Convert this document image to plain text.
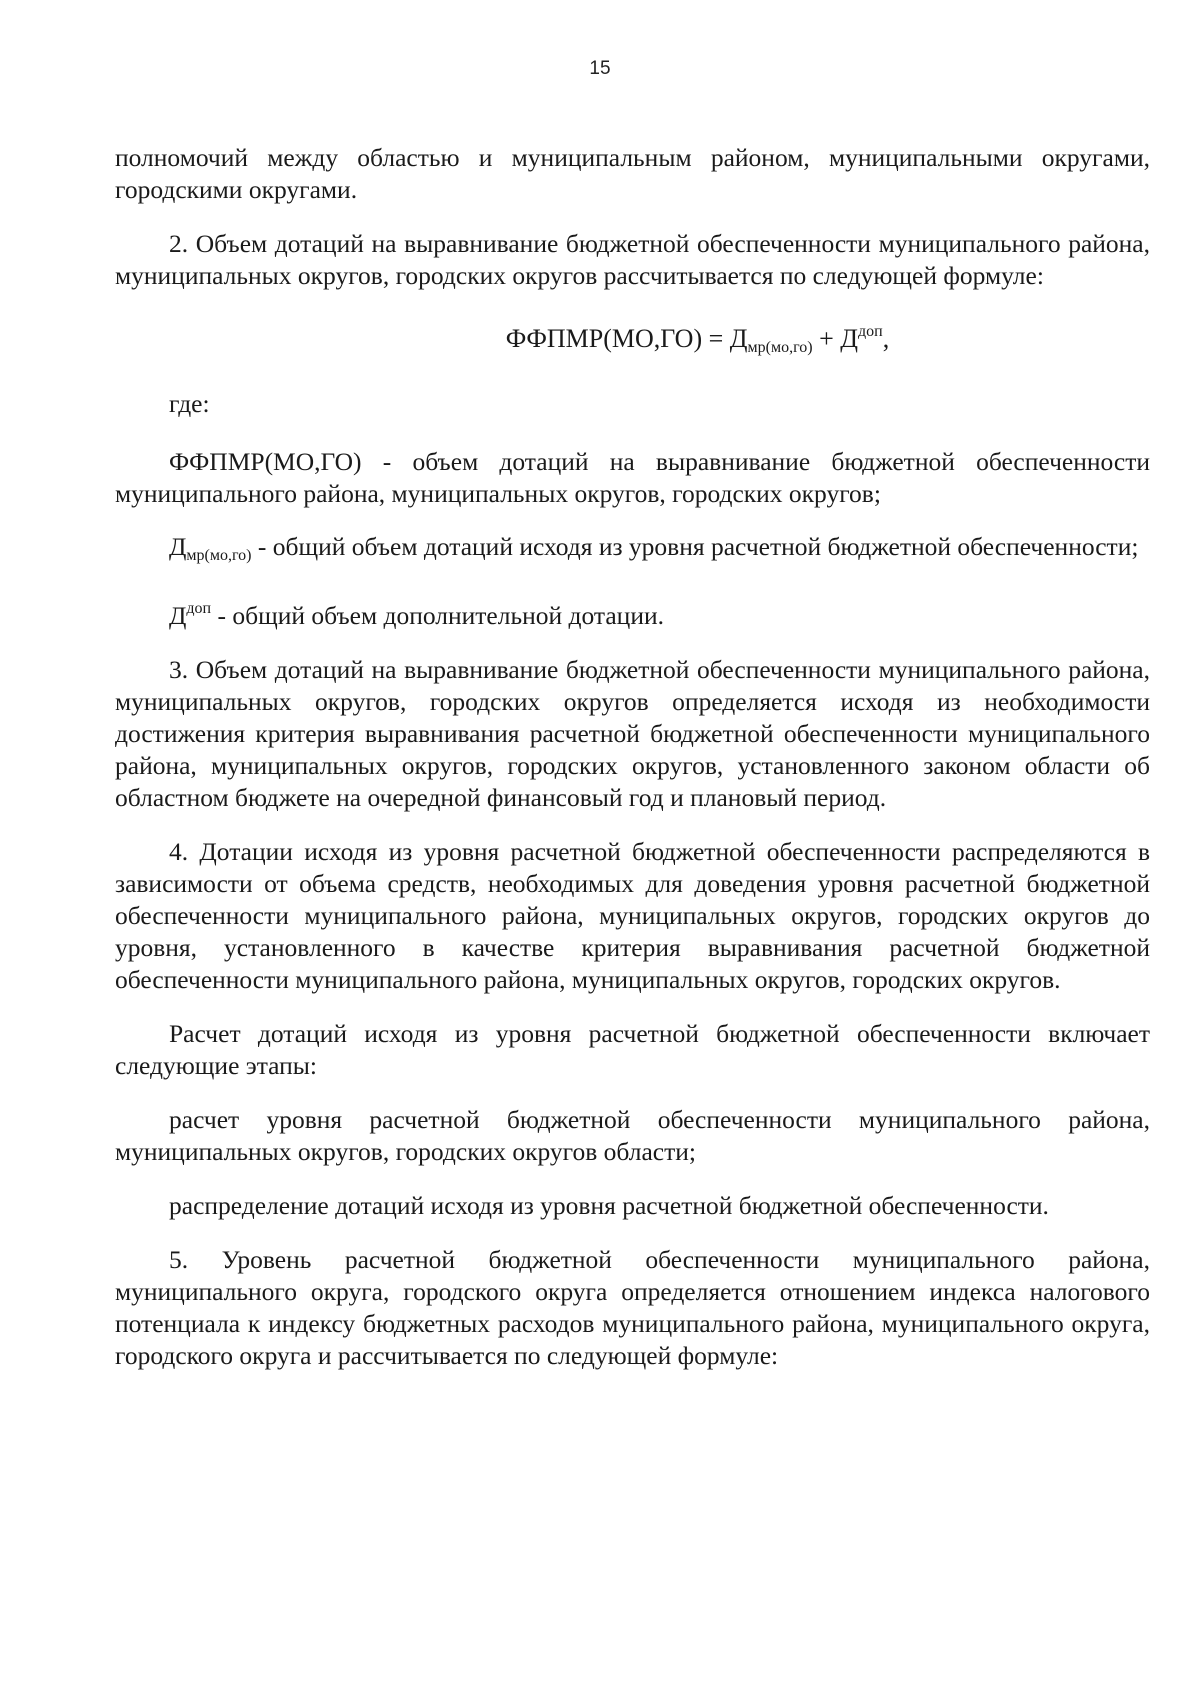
15

полномочий между областью и муниципальным районом, муниципальными округами, городскими округами.

2. Объем дотаций на выравнивание бюджетной обеспеченности муниципального района, муниципальных округов, городских округов рассчитывается по следующей формуле:

ФФПМР(МО,ГО) = $Д_{мр(мо,го)} + Д^{доп}$,

где:

ФФПМР(МО,ГО) - объем дотаций на выравнивание бюджетной обеспеченности муниципального района, муниципальных округов, городских округов;

$Д_{мр(мо,го)}$ - общий объем дотаций исходя из уровня расчетной бюджетной обеспеченности;

$Д^{доп}$ - общий объем дополнительной дотации.

3. Объем дотаций на выравнивание бюджетной обеспеченности муниципального района, муниципальных округов, городских округов определяется исходя из необходимости достижения критерия выравнивания расчетной бюджетной обеспеченности муниципального района, муниципальных округов, городских округов, установленного законом области об областном бюджете на очередной финансовый год и плановый период.

4. Дотации исходя из уровня расчетной бюджетной обеспеченности распределяются в зависимости от объема средств, необходимых для доведения уровня расчетной бюджетной обеспеченности муниципального района, муниципальных округов, городских округов до уровня, установленного в качестве критерия выравнивания расчетной бюджетной обеспеченности муниципального района, муниципальных округов, городских округов.

Расчет дотаций исходя из уровня расчетной бюджетной обеспеченности включает следующие этапы:

расчет уровня расчетной бюджетной обеспеченности муниципального района, муниципальных округов, городских округов области;

распределение дотаций исходя из уровня расчетной бюджетной обеспеченности.

5. Уровень расчетной бюджетной обеспеченности муниципального района, муниципального округа, городского округа определяется отношением индекса налогового потенциала к индексу бюджетных расходов муниципального района, муниципального округа, городского округа и рассчитывается по следующей формуле:
